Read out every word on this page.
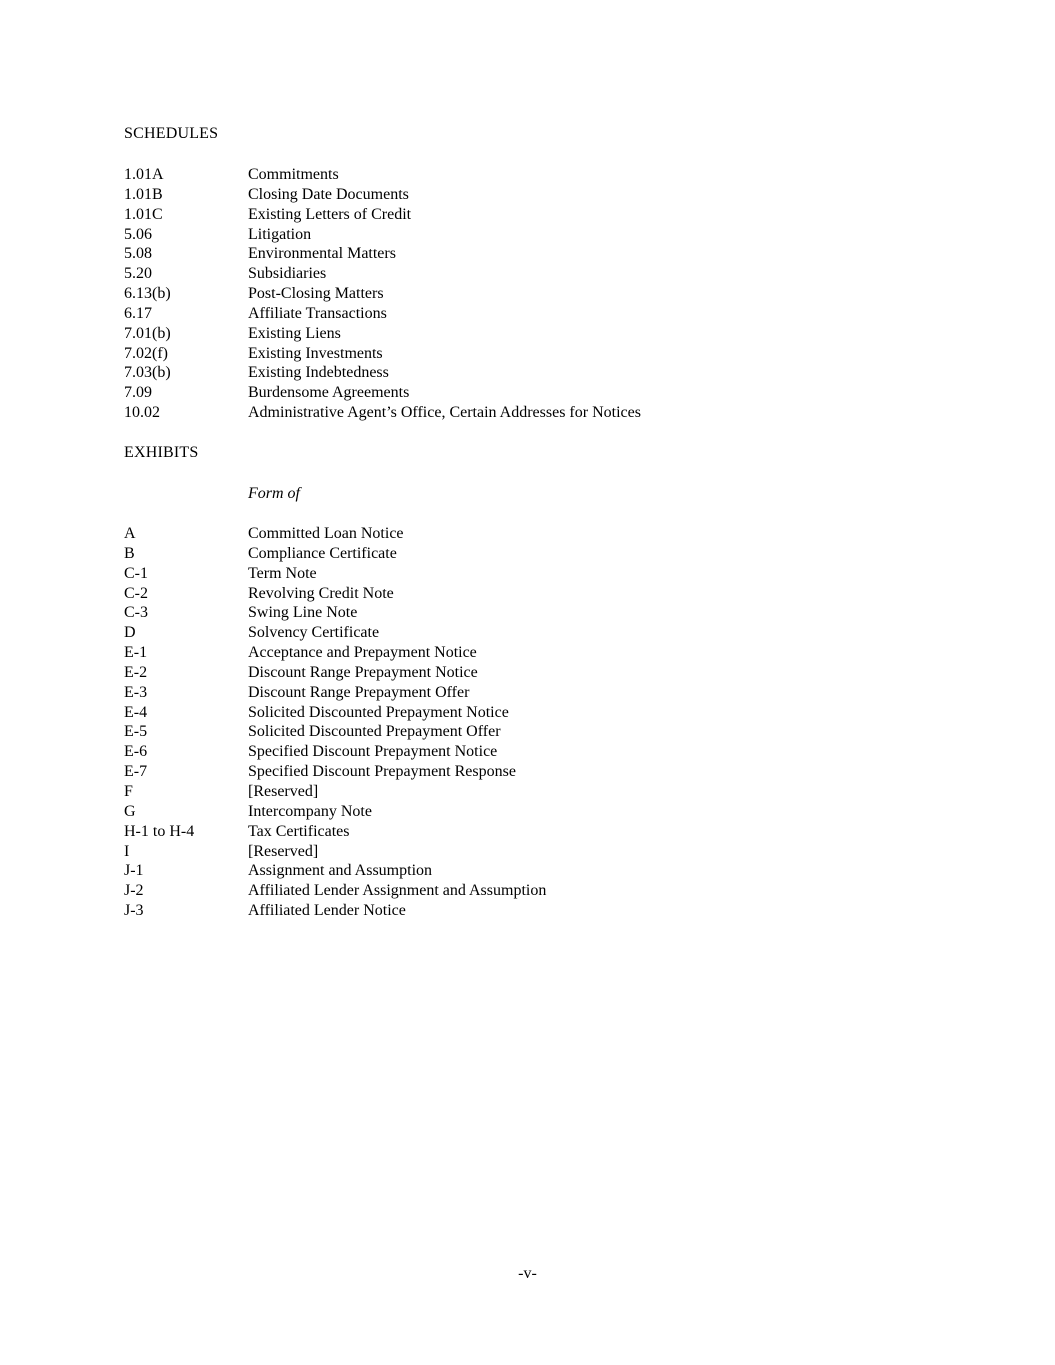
SCHEDULES
1.01A	Commitments
1.01B	Closing Date Documents
1.01C	Existing Letters of Credit
5.06	Litigation
5.08	Environmental Matters
5.20	Subsidiaries
6.13(b)	Post-Closing Matters
6.17	Affiliate Transactions
7.01(b)	Existing Liens
7.02(f)	Existing Investments
7.03(b)	Existing Indebtedness
7.09	Burdensome Agreements
10.02	Administrative Agent’s Office, Certain Addresses for Notices
EXHIBITS

Form of

A	Committed Loan Notice
B	Compliance Certificate
C-1	Term Note
C-2	Revolving Credit Note
C-3	Swing Line Note
D	Solvency Certificate
E-1	Acceptance and Prepayment Notice
E-2	Discount Range Prepayment Notice
E-3	Discount Range Prepayment Offer
E-4	Solicited Discounted Prepayment Notice
E-5	Solicited Discounted Prepayment Offer
E-6	Specified Discount Prepayment Notice
E-7	Specified Discount Prepayment Response
F	[Reserved]
G	Intercompany Note
H-1 to H-4	Tax Certificates
I	[Reserved]
J-1	Assignment and Assumption
J-2	Affiliated Lender Assignment and Assumption
J-3	Affiliated Lender Notice
-v-
